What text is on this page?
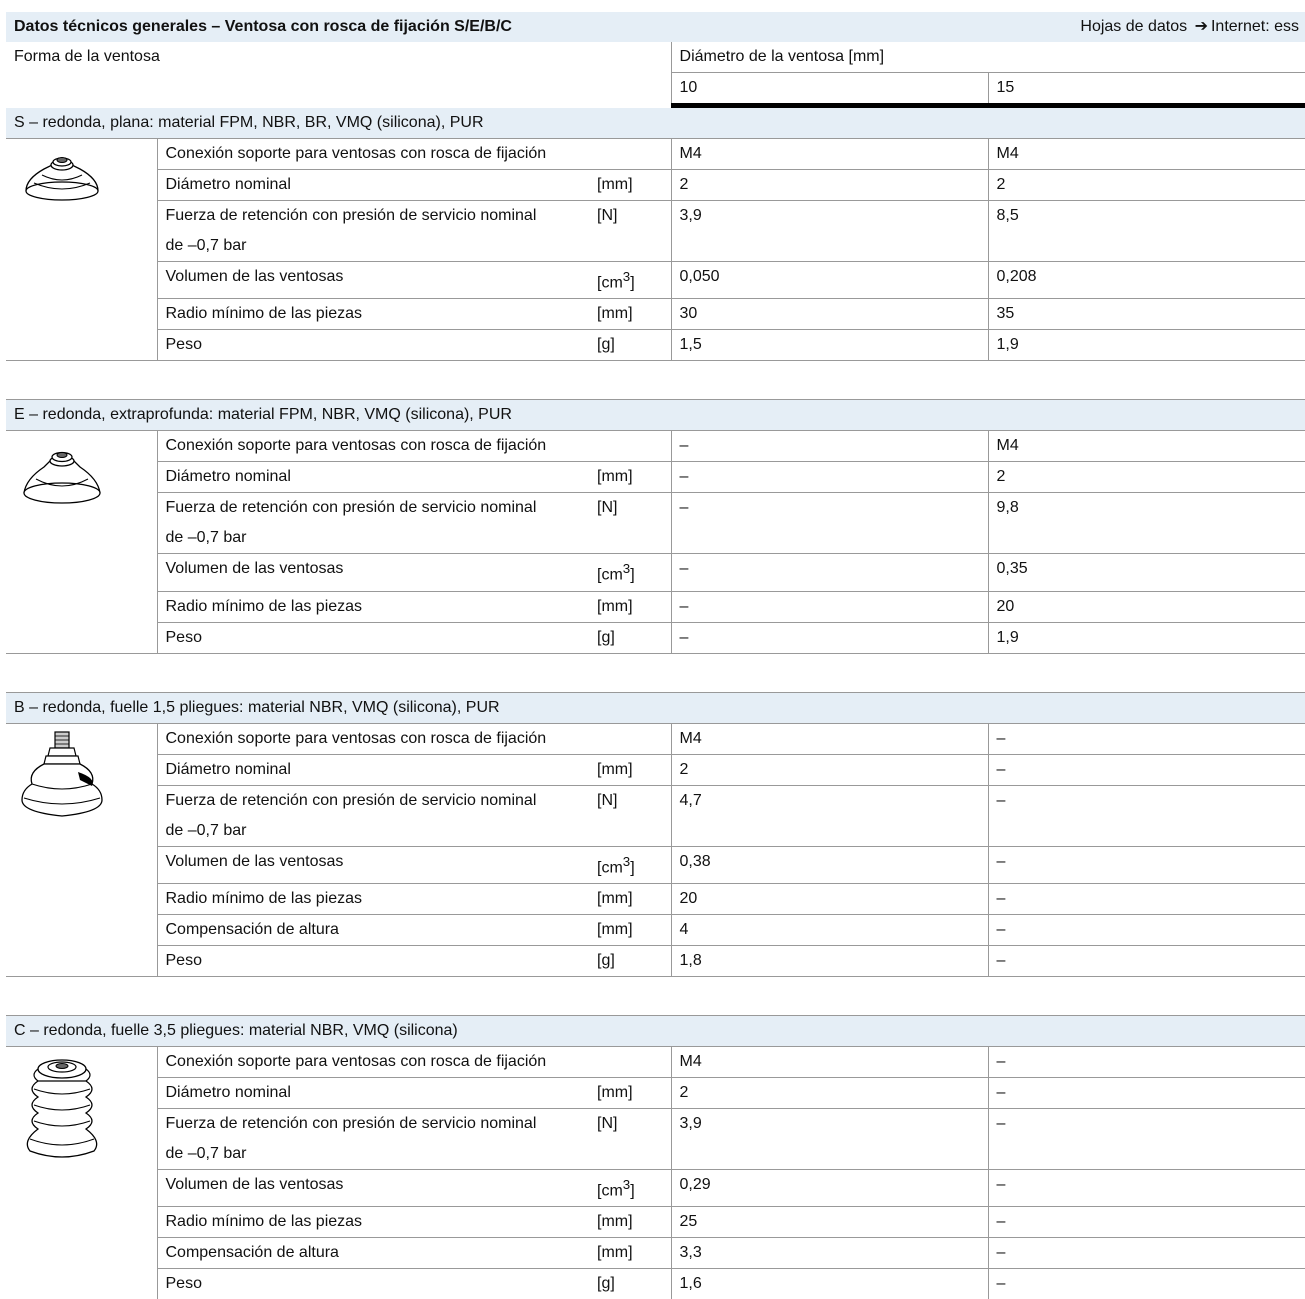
Datos técnicos generales – Ventosa con rosca de fijación S/E/B/C			Hojas de datos ➔ Internet: ess	
Forma de la ventosa			Diámetro de la ventosa [mm]	
			10	15
S – redonda, plana: material FPM, NBR, BR, VMQ (silicona), PUR				

	Conexión soporte para ventosas con rosca de fijación		M4	M4
	Diámetro nominal	[mm]	2	2
	Fuerza de retención con presión de servicio nominal
de –0,7 bar	[N]	3,9	8,5
	Volumen de las ventosas	$[cm^3]$	0,050	0,208
	Radio mínimo de las piezas	[mm]	30	35
	Peso	[g]	1,5	1,9

E – redonda, extraprofunda: material FPM, NBR, VMQ (silicona), PUR				

	Conexión soporte para ventosas con rosca de fijación		–	M4
	Diámetro nominal	[mm]	–	2
	Fuerza de retención con presión de servicio nominal
de –0,7 bar	[N]	–	9,8
	Volumen de las ventosas	$[cm^3]$	–	0,35
	Radio mínimo de las piezas	[mm]	–	20
	Peso	[g]	–	1,9

B – redonda, fuelle 1,5 pliegues: material NBR, VMQ (silicona), PUR				

	Conexión soporte para ventosas con rosca de fijación		M4	–
	Diámetro nominal	[mm]	2	–
	Fuerza de retención con presión de servicio nominal
de –0,7 bar	[N]	4,7	–
	Volumen de las ventosas	$[cm^3]$	0,38	–
	Radio mínimo de las piezas	[mm]	20	–
	Compensación de altura	[mm]	4	–
	Peso	[g]	1,8	–

C – redonda, fuelle 3,5 pliegues: material NBR, VMQ (silicona)				

	Conexión soporte para ventosas con rosca de fijación		M4	–
	Diámetro nominal	[mm]	2	–
	Fuerza de retención con presión de servicio nominal
de –0,7 bar	[N]	3,9	–
	Volumen de las ventosas	$[cm^3]$	0,29	–
	Radio mínimo de las piezas	[mm]	25	–
	Compensación de altura	[mm]	3,3	–
	Peso	[g]	1,6	–
